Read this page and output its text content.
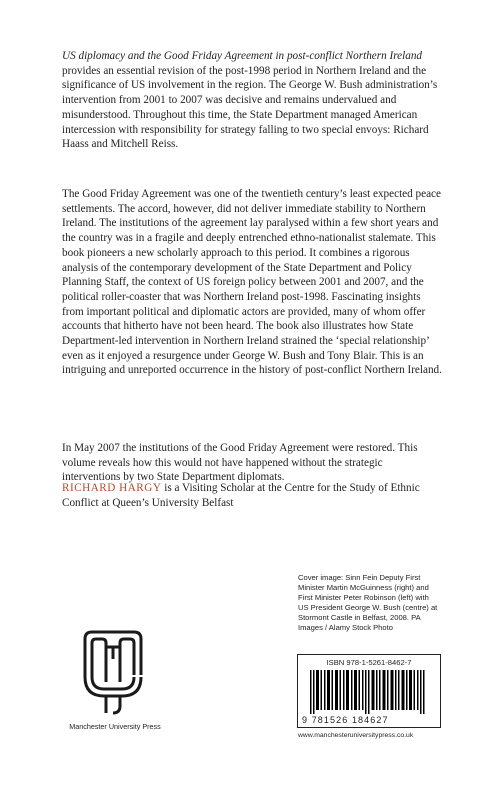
US diplomacy and the Good Friday Agreement in post-conflict Northern Ireland provides an essential revision of the post-1998 period in Northern Ireland and the significance of US involvement in the region. The George W. Bush administration’s intervention from 2001 to 2007 was decisive and remains undervalued and misunderstood. Throughout this time, the State Department managed American intercession with responsibility for strategy falling to two special envoys: Richard Haass and Mitchell Reiss.
The Good Friday Agreement was one of the twentieth century’s least expected peace settlements. The accord, however, did not deliver immediate stability to Northern Ireland. The institutions of the agreement lay paralysed within a few short years and the country was in a fragile and deeply entrenched ethno-nationalist stalemate. This book pioneers a new scholarly approach to this period. It combines a rigorous analysis of the contemporary development of the State Department and Policy Planning Staff, the context of US foreign policy between 2001 and 2007, and the political roller-coaster that was Northern Ireland post-1998. Fascinating insights from important political and diplomatic actors are provided, many of whom offer accounts that hitherto have not been heard. The book also illustrates how State Department-led intervention in Northern Ireland strained the ‘special relationship’ even as it enjoyed a resurgence under George W. Bush and Tony Blair. This is an intriguing and unreported occurrence in the history of post-conflict Northern Ireland.
In May 2007 the institutions of the Good Friday Agreement were restored. This volume reveals how this would not have happened without the strategic interventions by two State Department diplomats.
RICHARD HARGY is a Visiting Scholar at the Centre for the Study of Ethnic Conflict at Queen’s University Belfast
Cover image: Sinn Fein Deputy First Minister Martin McGuinness (right) and First Minister Peter Robinson (left) with US President George W. Bush (centre) at Stormont Castle in Belfast, 2008. PA Images / Alamy Stock Photo
Manchester University Press
ISBN 978-1-5261-8462-7
9 781526 184627
www.manchesteruniversitypress.co.uk
